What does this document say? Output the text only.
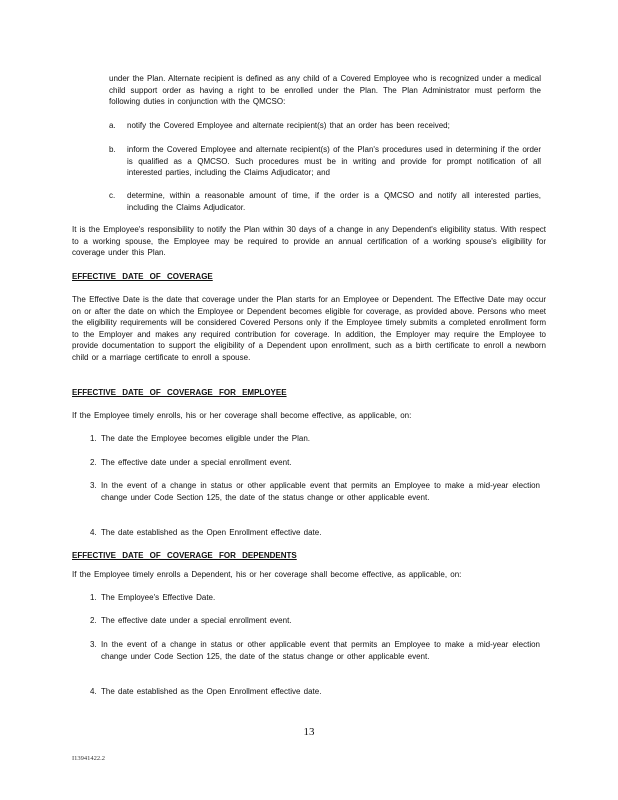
under the Plan. Alternate recipient is defined as any child of a Covered Employee who is recognized under a medical child support order as having a right to be enrolled under the Plan. The Plan Administrator must perform the following duties in conjunction with the QMCSO:

a.	notify the Covered Employee and alternate recipient(s) that an order has been received;
b.	inform the Covered Employee and alternate recipient(s) of the Plan's procedures used in determining if the order is qualified as a QMCSO. Such procedures must be in writing and provide for prompt notification of all interested parties, including the Claims Adjudicator; and
c.	determine, within a reasonable amount of time, if the order is a QMCSO and notify all interested parties, including the Claims Adjudicator.

It is the Employee's responsibility to notify the Plan within 30 days of a change in any Dependent's eligibility status. With respect to a working spouse, the Employee may be required to provide an annual certification of a working spouse's eligibility for coverage under this Plan.

EFFECTIVE DATE OF COVERAGE

The Effective Date is the date that coverage under the Plan starts for an Employee or Dependent. The Effective Date may occur on or after the date on which the Employee or Dependent becomes eligible for coverage, as provided above. Persons who meet the eligibility requirements will be considered Covered Persons only if the Employee timely submits a completed enrollment form to the Employer and makes any required contribution for coverage. In addition, the Employer may require the Employee to provide documentation to support the eligibility of a Dependent upon enrollment, such as a birth certificate to enroll a newborn child or a marriage certificate to enroll a spouse.

EFFECTIVE DATE OF COVERAGE FOR EMPLOYEE

If the Employee timely enrolls, his or her coverage shall become effective, as applicable, on:

1. The date the Employee becomes eligible under the Plan.
2. The effective date under a special enrollment event.
3. In the event of a change in status or other applicable event that permits an Employee to make a mid-year election change under Code Section 125, the date of the status change or other applicable event.
4. The date established as the Open Enrollment effective date.
EFFECTIVE DATE OF COVERAGE FOR DEPENDENTS

If the Employee timely enrolls a Dependent, his or her coverage shall become effective, as applicable, on:

1. The Employee's Effective Date.
2. The effective date under a special enrollment event.
3. In the event of a change in status or other applicable event that permits an Employee to make a mid-year election change under Code Section 125, the date of the status change or other applicable event.
4. The date established as the Open Enrollment effective date.
13
I13941422.2
